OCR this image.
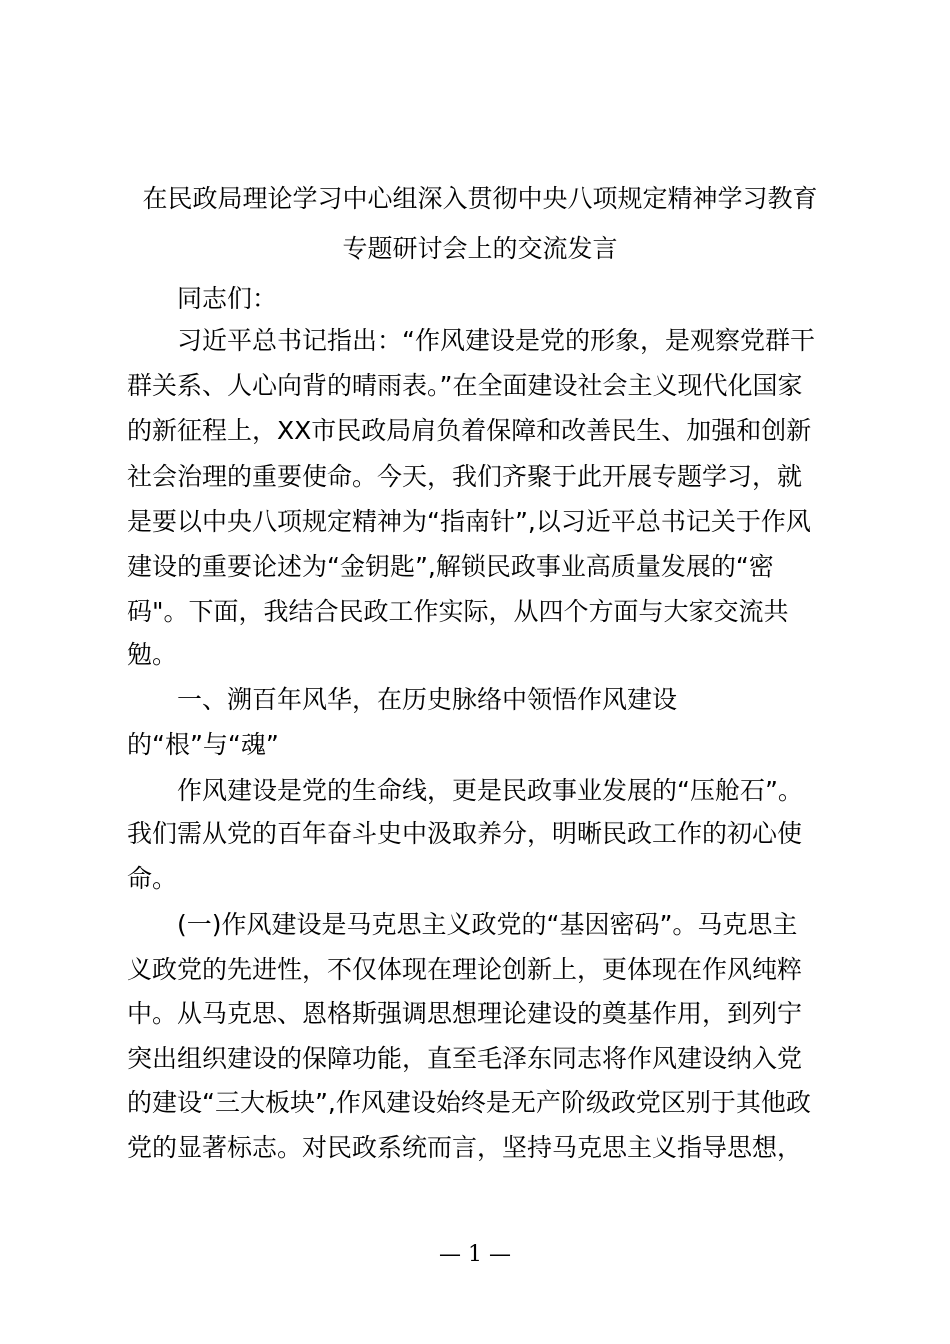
在民政局理论学习中心组深入贯彻中央八项规定精神学习教育
专题研讨会上的交流发言
同志们：
习近平总书记指出：“作风建设是党的形象，是观察党群干
群关系、人心向背的晴雨表。”在全面建设社会主义现代化国家
的新征程上，XX市民政局肩负着保障和改善民生、加强和创新
社会治理的重要使命。今天，我们齐聚于此开展专题学习，就
是要以中央八项规定精神为“指南针”,以习近平总书记关于作风
建设的重要论述为“金钥匙”,解锁民政事业高质量发展的“密
码"。下面，我结合民政工作实际，从四个方面与大家交流共
勉。
一、溯百年风华，在历史脉络中领悟作风建设
的“根”与“魂”
作风建设是党的生命线，更是民政事业发展的“压舱石”。
我们需从党的百年奋斗史中汲取养分，明晰民政工作的初心使
命。
(一)作风建设是马克思主义政党的“基因密码”。马克思主
义政党的先进性，不仅体现在理论创新上，更体现在作风纯粹
中。从马克思、恩格斯强调思想理论建设的奠基作用，到列宁
突出组织建设的保障功能，直至毛泽东同志将作风建设纳入党
的建设“三大板块”,作风建设始终是无产阶级政党区别于其他政
党的显著标志。对民政系统而言，坚持马克思主义指导思想，
— 1 —
